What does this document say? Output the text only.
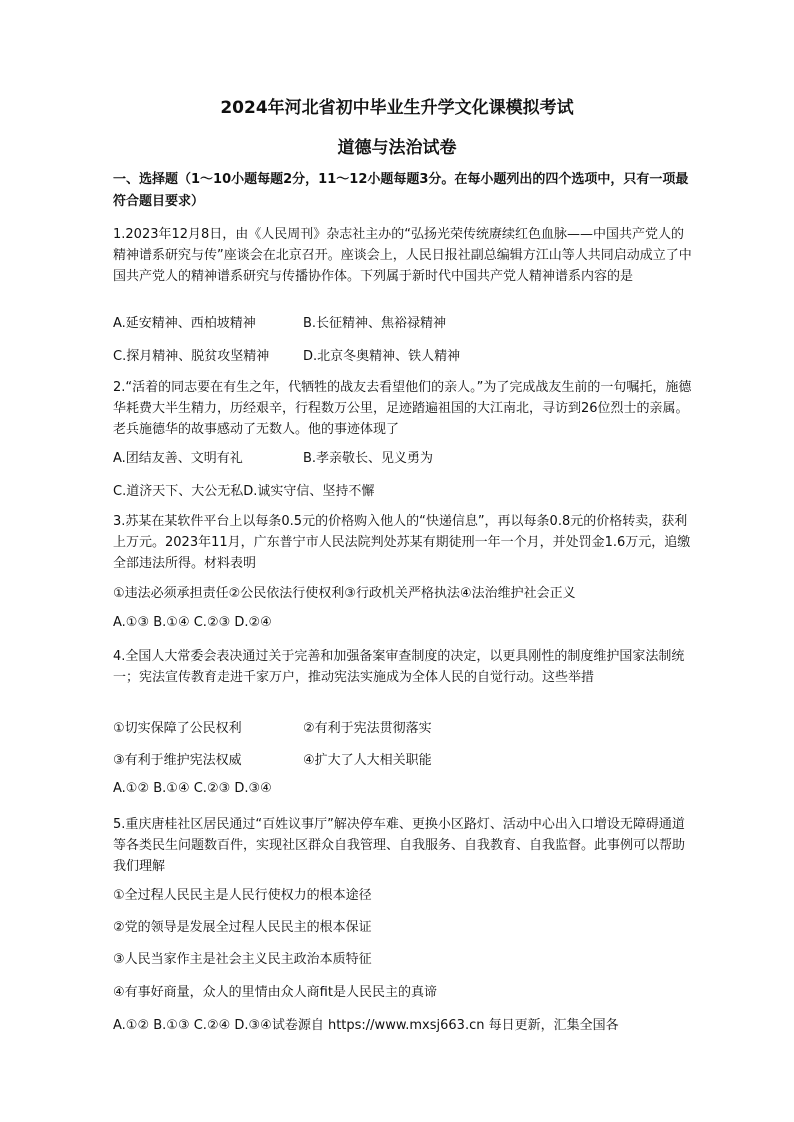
2024年河北省初中毕业生升学文化课模拟考试
道德与法治试卷
一、选择题（1～10小题每题2分，11～12小题每题3分。在每小题列出的四个选项中，只有一项最符合题目要求）
1.2023年12月8日，由《人民周刊》杂志社主办的“弘扬光荣传统赓续红色血脉——中国共产党人的精神谱系研究与传”座谈会在北京召开。座谈会上，人民日报社副总编辑方江山等人共同启动成立了中国共产党人的精神谱系研究与传播协作体。下列属于新时代中国共产党人精神谱系内容的是
A.延安精神、西柏坡精神	B.长征精神、焦裕禄精神
C.探月精神、脱贫攻坚精神	D.北京冬奥精神、铁人精神
2.“活着的同志要在有生之年，代牺牲的战友去看望他们的亲人。”为了完成战友生前的一句嘱托，施德华耗费大半生精力，历经艰辛，行程数万公里，足迹踏遍祖国的大江南北，寻访到26位烈士的亲属。老兵施德华的故事感动了无数人。他的事迹体现了
A.团结友善、文明有礼	B.孝亲敬长、见义勇为
C.道济天下、大公无私D.诚实守信、坚持不懈
3.苏某在某软件平台上以每条0.5元的价格购入他人的“快递信息”，再以每条0.8元的价格转卖，获利上万元。2023年11月，广东普宁市人民法院判处苏某有期徒刑一年一个月，并处罚金1.6万元，追缴全部违法所得。材料表明
①违法必须承担责任②公民依法行使权利③行政机关严格执法④法治维护社会正义
A.①③ B.①④ C.②③ D.②④
4.全国人大常委会表决通过关于完善和加强备案审查制度的决定，以更具刚性的制度维护国家法制统一；宪法宣传教育走进千家万户，推动宪法实施成为全体人民的自觉行动。这些举措
①切实保障了公民权利	②有利于宪法贯彻落实
③有利于维护宪法权威	④扩大了人大相关职能
A.①② B.①④ C.②③ D.③④
5.重庆唐桂社区居民通过“百姓议事厅”解决停车难、更换小区路灯、活动中心出入口增设无障碍通道等各类民生问题数百件，实现社区群众自我管理、自我服务、自我教育、自我监督。此事例可以帮助我们理解
①全过程人民民主是人民行使权力的根本途径
②党的领导是发展全过程人民民主的根本保证
③人民当家作主是社会主义民主政治本质特征
④有事好商量，众人的里情由众人商fit是人民民主的真谛
A.①② B.①③ C.②④ D.③④试卷源自 https://www.mxsj663.cn 每日更新，汇集全国各
